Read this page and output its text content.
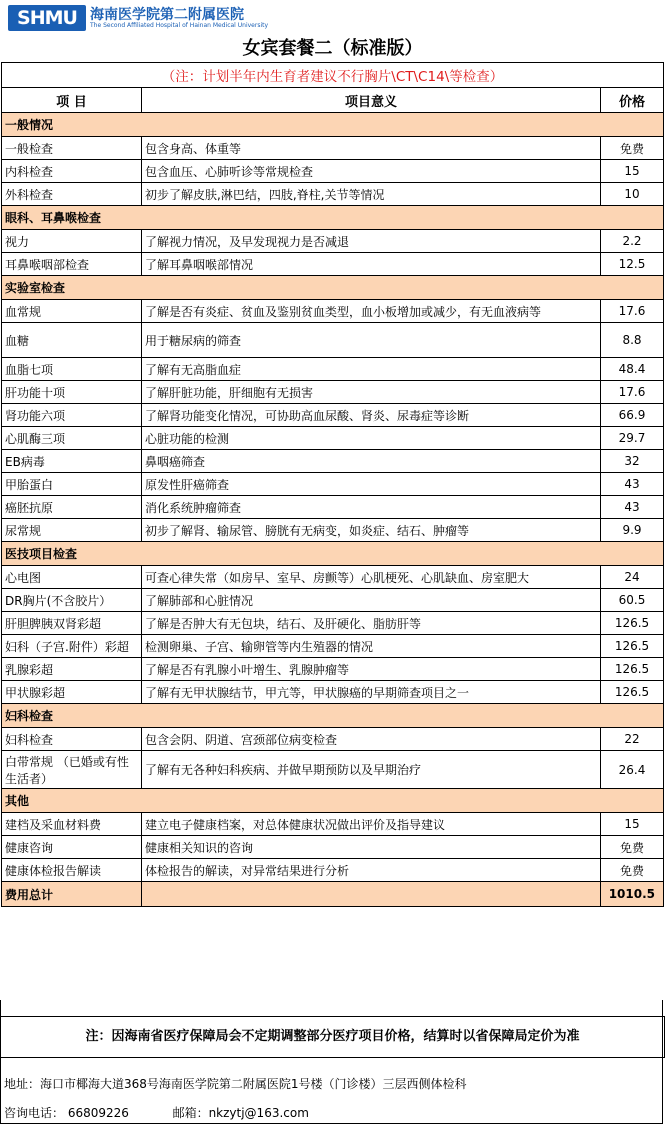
SHMU 海南医学院第二附属医院
The Second Affiliated Hospital of Hainan Medical University
女宾套餐二（标准版）
（注：计划半年内生育者建议不行胸片\CT\C14\等检查）		
项 目	项目意义	价格
一般情况		
一般检查	包含身高、体重等	免费
内科检查	包含血压、心肺听诊等常规检查	15
外科检查	初步了解皮肤,淋巴结，四肢,脊柱,关节等情况	10
眼科、耳鼻喉检查		
视力	了解视力情况，及早发现视力是否减退	2.2
耳鼻喉咽部检查	了解耳鼻咽喉部情况	12.5
实验室检查		
血常规	了解是否有炎症、贫血及鉴别贫血类型，血小板增加或减少，有无血液病等	17.6
血糖	用于糖尿病的筛查	8.8
血脂七项	了解有无高脂血症	48.4
肝功能十项	了解肝脏功能，肝细胞有无损害	17.6
肾功能六项	了解肾功能变化情况，可协助高血尿酸、肾炎、尿毒症等诊断	66.9
心肌酶三项	心脏功能的检测	29.7
EB病毒	鼻咽癌筛查	32
甲胎蛋白	原发性肝癌筛查	43
癌胚抗原	消化系统肿瘤筛查	43
尿常规	初步了解肾、输尿管、膀胱有无病变，如炎症、结石、肿瘤等	9.9
医技项目检查		
心电图	可查心律失常（如房早、室早、房颤等）心肌梗死、心肌缺血、房室肥大	24
DR胸片(不含胶片）	了解肺部和心脏情况	60.5
肝胆脾胰双肾彩超	了解是否肿大有无包块，结石、及肝硬化、脂肪肝等	126.5
妇科（子宫.附件）彩超	检测卵巢、子宫、输卵管等内生殖器的情况	126.5
乳腺彩超	了解是否有乳腺小叶增生、乳腺肿瘤等	126.5
甲状腺彩超	了解有无甲状腺结节，甲亢等，甲状腺癌的早期筛查项目之一	126.5
妇科检查		
妇科检查	包含会阴、阴道、宫颈部位病变检查	22
白带常规 （已婚或有性生活者）	了解有无各种妇科疾病、并做早期预防以及早期治疗	26.4
其他		
建档及采血材料费	建立电子健康档案，对总体健康状况做出评价及指导建议	15
健康咨询	健康相关知识的咨询	免费
健康体检报告解读	体检报告的解读，对异常结果进行分析	免费
费用总计		1010.5
注：因海南省医疗保障局会不定期调整部分医疗项目价格，结算时以省保障局定价为准
地址：海口市椰海大道368号海南医学院第二附属医院1号楼（门诊楼）三层西侧体检科
咨询电话： 66809226	邮箱：nkzytj@163.com
